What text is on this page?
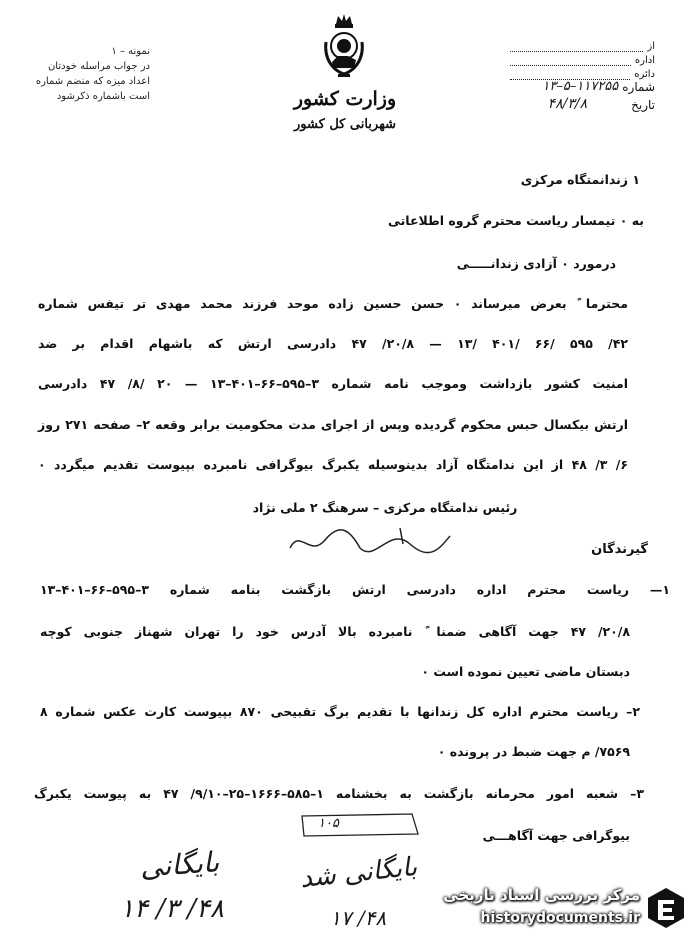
نمونه – ۱
در جواب مراسله خودتان
اعداد میزه که منضم شماره
است باشماره ذکرشود	وزارت کشور
شهربانی کل کشور
از
اداره
دائره
شماره
۱۱۷۲۵۵–۵–۱۳
تاریخ
۴۸/۳/۸
۱ زندانمتگاه مرکزی
به ۰ تیمسار ریاست محترم گروه اطلاعاتی
درمورد ۰ آزادی زندانـــــی
محترما ً بعرض میرساند ۰ حسن حسین زاده موحد فرزند محمد مهدی تر تیفس شماره
۴۲/ ۵۹۵ /۶۶ /۴۰۱ /۱۳ — ۲۰/۸/ ۴۷ دادرسی ارتش که باشهام اقدام بر ضد
امنیت کشور بازداشت وموجب نامه شماره ۳–۵۹۵–۶۶–۴۰۱–۱۳ — ۲۰ /۸/ ۴۷ دادرسی
ارتش بیکسال حبس محکوم گردیده وپس از اجرای مدت محکومیت برابر وقعه ۲– صفحه ۲۷۱ روز
۶/ ۳/ ۴۸ از این ندامتگاه آزاد بدینوسیله یکبرگ بیوگرافی نامبرده بپیوست تقدیم میگردد ۰
رئیس ندامتگاه مرکزی – سرهنگ ۲ ملی نژاد
گیرندگان
۱— ریاست محترم اداره دادرسی ارتش بازگشت بنامه شماره ۳–۵۹۵–۶۶–۴۰۱–۱۳
۲۰/۸/ ۴۷ جهت آگاهی ضمنا ً نامبرده بالا آدرس خود را تهران شهناز جنوبی کوچه
دبستان ماضی تعیین نموده است ۰
۲– ریاست محترم اداره کل زندانها با تقدیم برگ تقبیحی ۸۷۰ بپیوست کارت عکس شماره ۸
۷۵۶۹/ م جهت ضبط در پرونده ۰
۳– شعبه امور محرمانه بازگشت به بخشنامه ۱–۵۸۵–۱۶۶۶–۲۵–۹/۱۰/ ۴۷ به پیوست یکبرگ
بیوگرافی جهت آگاهـــی
۱۰۵
بایگانی
۴۸/ ۳/ ۱۴
بایگانی شد
۴۸/ ۱۷
مرکز بررسی اسناد تاریخی
historydocuments.ir
